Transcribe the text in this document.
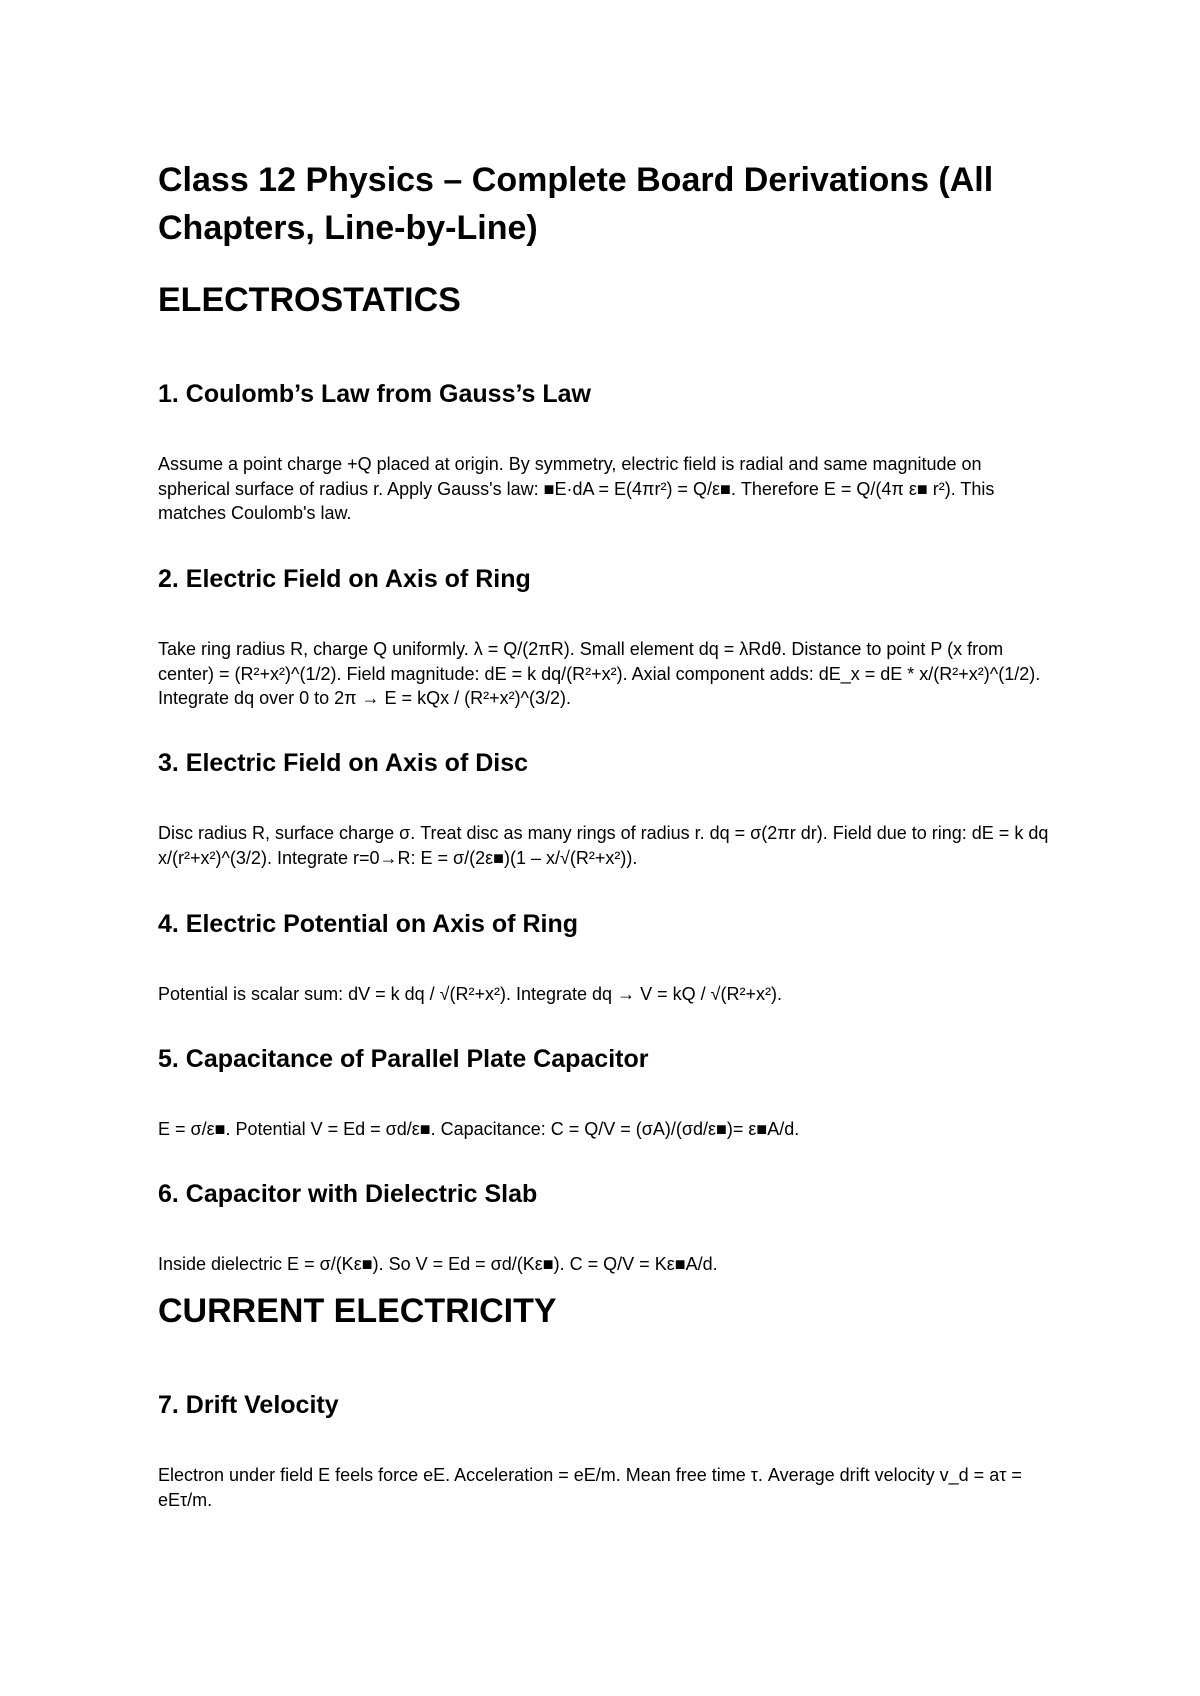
Class 12 Physics – Complete Board Derivations (All Chapters, Line-by-Line)
ELECTROSTATICS
1. Coulomb’s Law from Gauss’s Law

Assume a point charge +Q placed at origin. By symmetry, electric field is radial and same magnitude on spherical surface of radius r. Apply Gauss's law: ■E·dA = E(4πr²) = Q/ε■. Therefore E = Q/(4π ε■ r²). This matches Coulomb's law.

2. Electric Field on Axis of Ring

Take ring radius R, charge Q uniformly. λ = Q/(2πR). Small element dq = λRdθ. Distance to point P (x from center) = (R²+x²)^(1/2). Field magnitude: dE = k dq/(R²+x²). Axial component adds: dE_x = dE * x/(R²+x²)^(1/2). Integrate dq over 0 to 2π → E = kQx / (R²+x²)^(3/2).

3. Electric Field on Axis of Disc

Disc radius R, surface charge σ. Treat disc as many rings of radius r. dq = σ(2πr dr). Field due to ring: dE = k dq x/(r²+x²)^(3/2). Integrate r=0→R: E = σ/(2ε■)(1 – x/√(R²+x²)).

4. Electric Potential on Axis of Ring

Potential is scalar sum: dV = k dq / √(R²+x²). Integrate dq → V = kQ / √(R²+x²).

5. Capacitance of Parallel Plate Capacitor

E = σ/ε■. Potential V = Ed = σd/ε■. Capacitance: C = Q/V = (σA)/(σd/ε■)= ε■A/d.

6. Capacitor with Dielectric Slab

Inside dielectric E = σ/(Kε■). So V = Ed = σd/(Kε■). C = Q/V = Kε■A/d.

CURRENT ELECTRICITY
7. Drift Velocity

Electron under field E feels force eE. Acceleration = eE/m. Mean free time τ. Average drift velocity v_d = aτ = eEτ/m.
